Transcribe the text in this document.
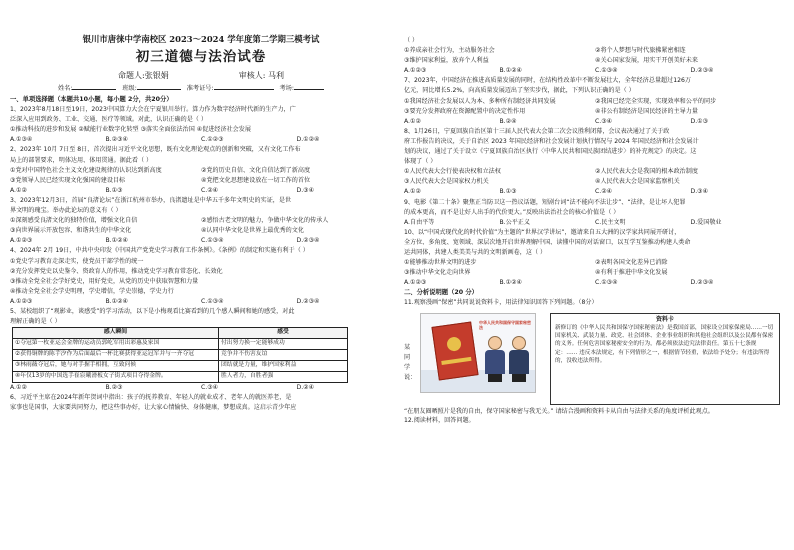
银川市唐徕中学南校区 2023～2024 学年度第二学期三模考试
初三道德与法治试卷
命题人:张银娟	审核人: 马利
姓名:	班级:	准考证号:	考场:
一、单项选择题（本题共10小题，每小题 2分，共20分）
1、2023年8月18日至19日，2023中国算力大会在宁夏银川举行。算力作为数字经济时代新的生产力，广
泛深入应用到政务、工业、交通、医疗等领域。对此，认识正确的是（ ）
①推动科技的进步和发展 ②赋能行业数字化转型 ③落实全面依法治国 ④促进经济社会发展
A.①③④	B.②③④	C.①②③	D.①②④
2、2023年 10月 7日至 8日，首次提出习近平文化思想，既有文化理论观点的创新和突破，又有文化工作布
局上的部署要求，明体达用、体用贯通。据此看（ ）
①党对中国特色社会主义文化建设规律的认识达到新高度	②党的历史自信、文化自信达到了新高度
③党领导人民已经实现文化强国的建设目标	④党把文化思想建设放在一切工作的首位
A.①②	B.①③	C.②④	D.③④
3、2023年12月3日，首届“良渚论坛”在浙江杭州市举办，良渚遗址是中华五千多年文明史的实证，是世
界文明的瑰宝。举办此论坛的意义有（ ）
①深刻感受良渚文化的独特价值，增强文化自信	②感悟古老文明的魅力，争做中华文化的传承人
③向世界展示开放包容、和谐共生的中华文化	④认同中华文化是世界上最优秀的文化
A.①②③	B.①②④	C.①③④	D.②③④
4、2024年 2月 19日，中共中央印发《中国共产党党史学习教育工作条例》。《条例》的制定和实施有利于（ ）
①党史学习教育走深走实，使党员干部学性的统一
②充分发挥党史以史鉴今、资政育人的作用，推动党史学习教育常态化、长效化
③推动全党全社会学好党史，用好党史，从党的历史中获取智慧和力量
④推动全党全社会学史明理，学史增信，学史崇德，学史力行
A.①②③	B.①②④	C.①③④	D.②③④
5、某校组织了“观影业，谈感受”的学习活动，以下是小梅观看比赛看到的几个感人瞬间和她的感受，对此
理解正确的是（ ）
感人瞬间	感受
①夺冠第一枚亚运会金牌的运动员郭屹军用出彩惠及家国	付出努力换一定能够成功
②获得铜牌的陈芋汐作为后面最后一杯比赛获得亚运冠军并与一齐夺冠	竞争并不伤害友谊
③林雨薇夺冠后，她与对手握手相拥，互致问候	团结就是力量，维护国家利益
④年仅13岁的中国选手崔宸曦滑板女子街式项目夺得金牌。	胜人者力，自胜者强
A.①②	B.②③	C.③④	D.②④
6、习近平主席在2024年新年贺词中指出：孩子的抚养教育、年轻人的就业成才、老年人的就医养老，是
家事也是国事，大家要共同努力，把这些事办好，让大家心情愉快、身体健康，梦想成真。这启示青少年应
（ ）
①养成亲社会行为，主动服务社会	②将个人梦想与时代旅拂紧密相连
③维护国家利益，放弃个人利益	④关心国家发展，用实干开创美好未来
A.①②③	B.①②④	C.①③④	D.②③④
7、2023年，中国经济在推进高质量发展的同时，在结构性改革中不断发展壮大，全年经济总量超过126万
亿元，同比增长5.2%，向高质量发展迈出了坚实步伐，据此，下列认识正确的是（ ）
①我国经济社会发展以人为本、多种所有制经济共同发展	②我国已经完全实现，实现效率和公平的同步
③要充分发挥政府在资源配置中的决定性作用	④非公有制经济是国民经济的主导力量
A.①②	B.②④	C.③④	D.①③
8、1月26日，宁夏回族自治区第十三届人民代表大会第二次会议胜利闭幕，会议表决通过了关于政
府工作报告的决议，关于自治区 2023 年国民经济和社会发展计划执行情况与 2024 年国民经济和社会发展计
划的决议，通过了关于设立《宁夏回族自治区执行〈中华人民共和国民族团结进步〉的补充规定》的决定。这
体现了（ ）
①人民代表大会行使表决权和立法权	②人民代表大会是我国的根本政治制度
③人民代表大会是国家权力机关	④人民代表大会是国家监察机关
A.①②	B.①③	C.②④	D.③④
9、电影《第二十条》聚焦正当防卫这一热议话题，短剧台词“法不能向不法让步”、“法律，是让坏人犯罪
的成本更高，而不是让好人出手的代价更大。”反映出法治社会的核心价值是（ ）
A.自由平等	B.公平正义	C.民主文明	D.爱国敬业
10、以“中国式现代化的时代价值”为主题的“世界汉学讲坛”，邀请来自五大洲的汉学家共同展开研讨，
全方位、多角度、宽领域、深层次地开启世界理解中国、读懂中国的对话窗口，以互学互鉴推动构建人类命
运共同体，共建人类美美与共的文明新画卷，这（ ）
①能够推动世界文明的进步	②表明各国文化差异已消除
③推动中华文化走向世界	④有利于推进中华文化发展
A.①②③	B.①②④	C.①③④	D.②③④
二、分析说明题（20 分）
11.观察漫画“保密”共同说说资料卡，用法律知识回答下列问题。（8分）
某
同
学
说：
中华人民共和国保守国家秘密法
资料卡

新修订的《中华人民共和国保守国家秘密法》是我国首部，国家设立国家保密局……一切国家机关、武装力量、政党、社会团体、企业事业组织和其他社会组织以及公民都有保密的义务。任何危害国家秘密安全的行为，都必须依法追究法律责任。第五十七条规定：…… 违反本法规定，有下列情形之一，根据情节轻重，依法给予处分；有违法所得的，没收违法所得。

“在朋友圈晒照片是我的自由，保守国家秘密与我无关。” 请结合漫画和资料卡从自由与法律关系的角度评析此观点。
12.阅读材料，回答问题。
